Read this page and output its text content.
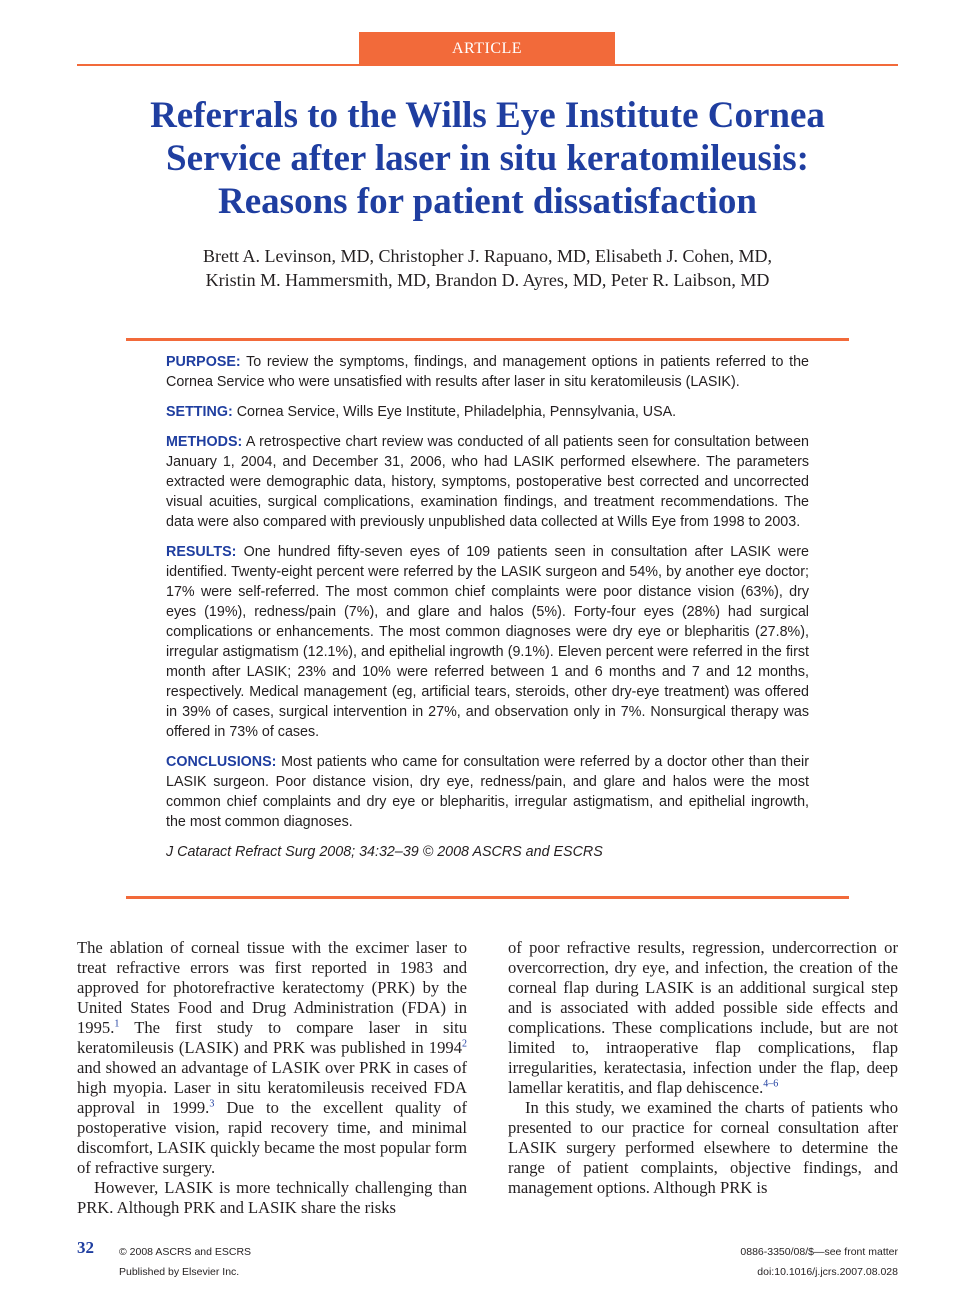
ARTICLE
Referrals to the Wills Eye Institute Cornea
Service after laser in situ keratomileusis:
Reasons for patient dissatisfaction
Brett A. Levinson, MD, Christopher J. Rapuano, MD, Elisabeth J. Cohen, MD,
Kristin M. Hammersmith, MD, Brandon D. Ayres, MD, Peter R. Laibson, MD

PURPOSE: To review the symptoms, findings, and management options in patients referred to the Cornea Service who were unsatisfied with results after laser in situ keratomileusis (LASIK).

SETTING: Cornea Service, Wills Eye Institute, Philadelphia, Pennsylvania, USA.

METHODS: A retrospective chart review was conducted of all patients seen for consultation between January 1, 2004, and December 31, 2006, who had LASIK performed elsewhere. The parameters extracted were demographic data, history, symptoms, postoperative best corrected and uncorrected visual acuities, surgical complications, examination findings, and treatment recommendations. The data were also compared with previously unpublished data collected at Wills Eye from 1998 to 2003.

RESULTS: One hundred fifty-seven eyes of 109 patients seen in consultation after LASIK were identified. Twenty-eight percent were referred by the LASIK surgeon and 54%, by another eye doctor; 17% were self-referred. The most common chief complaints were poor distance vision (63%), dry eyes (19%), redness/pain (7%), and glare and halos (5%). Forty-four eyes (28%) had surgical complications or enhancements. The most common diagnoses were dry eye or blepharitis (27.8%), irregular astigmatism (12.1%), and epithelial ingrowth (9.1%). Eleven percent were referred in the first month after LASIK; 23% and 10% were referred between 1 and 6 months and 7 and 12 months, respectively. Medical management (eg, artificial tears, steroids, other dry-eye treatment) was offered in 39% of cases, surgical intervention in 27%, and observation only in 7%. Nonsurgical therapy was offered in 73% of cases.

CONCLUSIONS: Most patients who came for consultation were referred by a doctor other than their LASIK surgeon. Poor distance vision, dry eye, redness/pain, and glare and halos were the most common chief complaints and dry eye or blepharitis, irregular astigmatism, and epithelial ingrowth, the most common diagnoses.

J Cataract Refract Surg 2008; 34:32–39 © 2008 ASCRS and ESCRS

The ablation of corneal tissue with the excimer laser to treat refractive errors was first reported in 1983 and approved for photorefractive keratectomy (PRK) by the United States Food and Drug Administration (FDA) in 1995.$^1$ The first study to compare laser in situ keratomileusis (LASIK) and PRK was published in 1994$^2$ and showed an advantage of LASIK over PRK in cases of high myopia. Laser in situ keratomileusis received FDA approval in 1999.$^3$ Due to the excellent quality of postoperative vision, rapid recovery time, and minimal discomfort, LASIK quickly became the most popular form of refractive surgery.

However, LASIK is more technically challenging than PRK. Although PRK and LASIK share the risks

of poor refractive results, regression, undercorrection or overcorrection, dry eye, and infection, the creation of the corneal flap during LASIK is an additional surgical step and is associated with added possible side effects and complications. These complications include, but are not limited to, intraoperative flap complications, flap irregularities, keratectasia, infection under the flap, deep lamellar keratitis, and flap dehiscence.$^{4-6}$

In this study, we examined the charts of patients who presented to our practice for corneal consultation after LASIK surgery performed elsewhere to determine the range of patient complaints, objective findings, and management options. Although PRK is

32 © 2008 ASCRS and ESCRS
Published by Elsevier Inc.
0886-3350/08/$—see front matter
doi:10.1016/j.jcrs.2007.08.028
